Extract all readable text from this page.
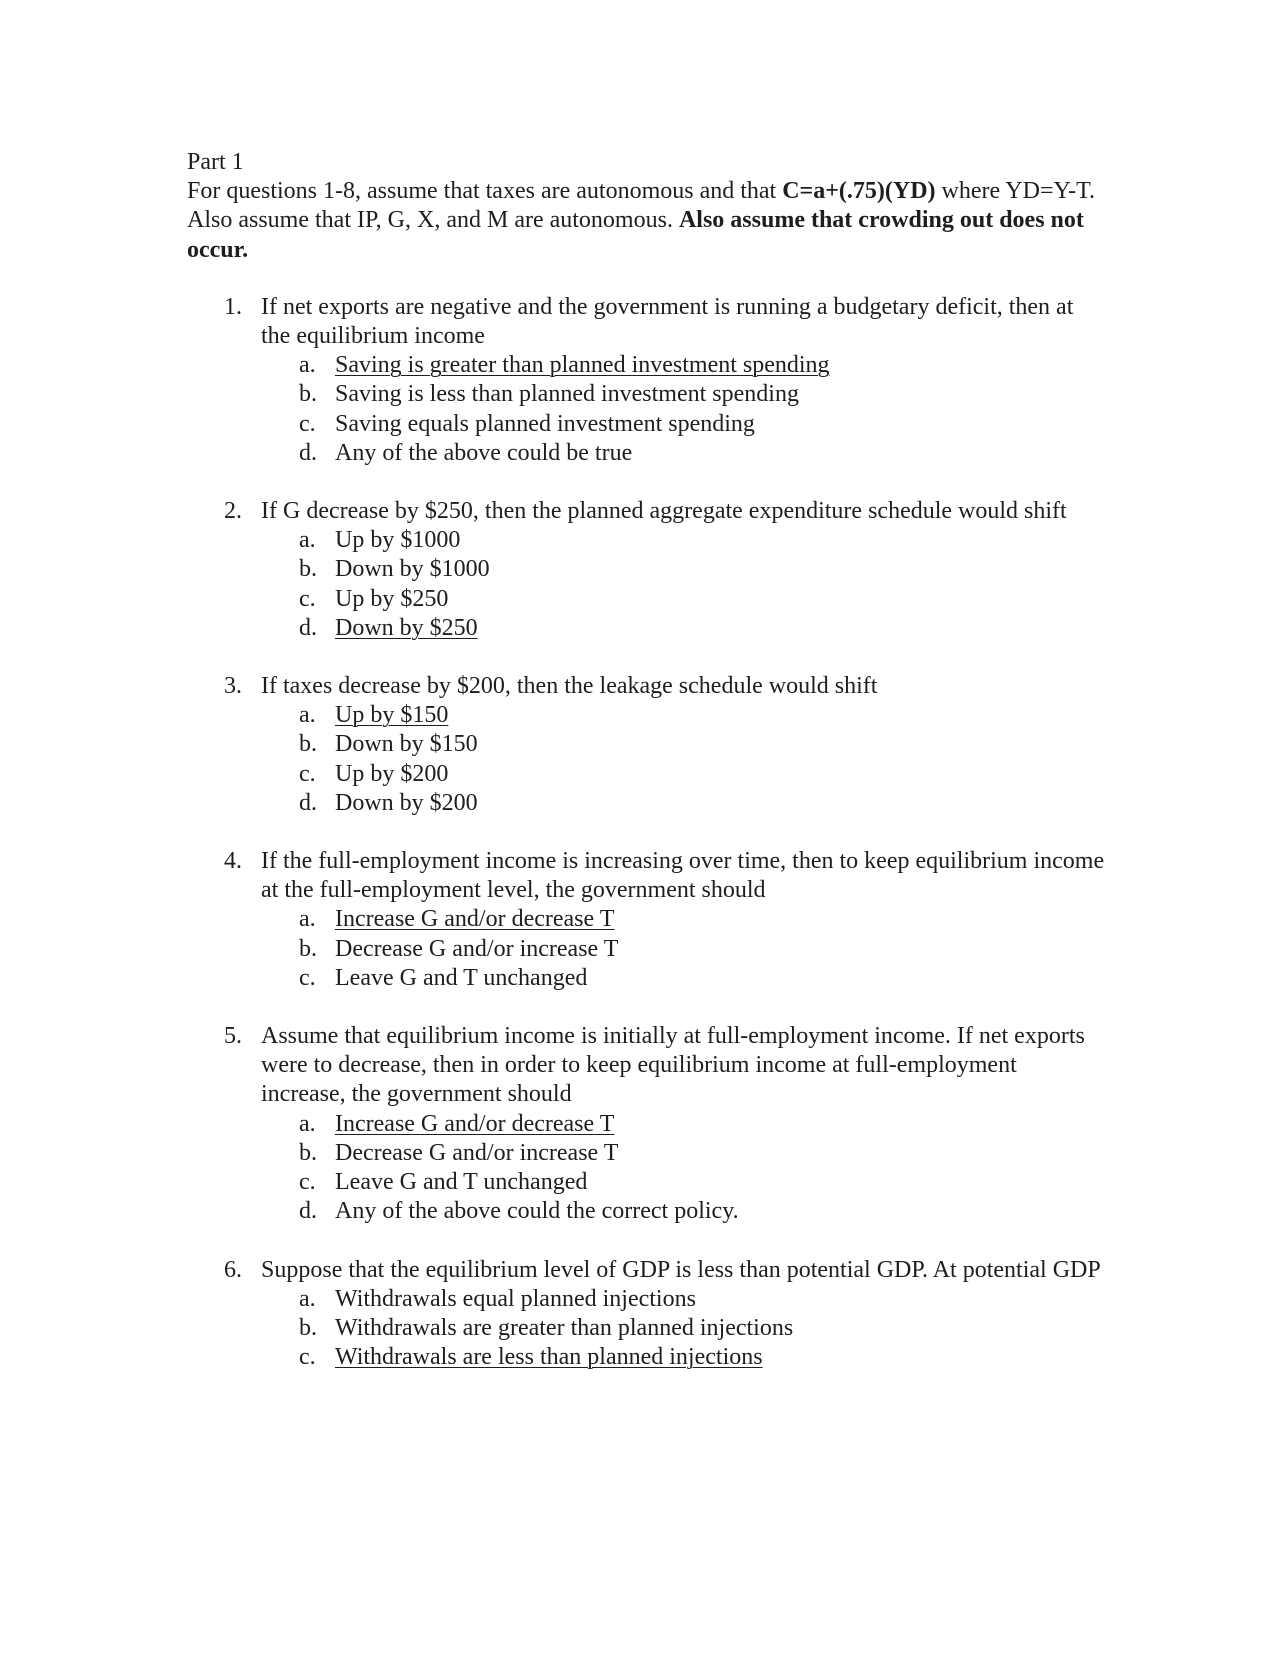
Part 1

For questions 1-8, assume that taxes are autonomous and that C=a+(.75)(YD) where YD=Y-T. Also assume that IP, G, X, and M are autonomous. Also assume that crowding out does not occur.

1. If net exports are negative and the government is running a budgetary deficit, then at the equilibrium income
a. Saving is greater than planned investment spending
b. Saving is less than planned investment spending
c. Saving equals planned investment spending
d. Any of the above could be true
2. If G decrease by $250, then the planned aggregate expenditure schedule would shift
a. Up by $1000
b. Down by $1000
c. Up by $250
d. Down by $250
3. If taxes decrease by $200, then the leakage schedule would shift
a. Up by $150
b. Down by $150
c. Up by $200
d. Down by $200
4. If the full-employment income is increasing over time, then to keep equilibrium income at the full-employment level, the government should
a. Increase G and/or decrease T
b. Decrease G and/or increase T
c. Leave G and T unchanged
5. Assume that equilibrium income is initially at full-employment income. If net exports were to decrease, then in order to keep equilibrium income at full-employment increase, the government should
a. Increase G and/or decrease T
b. Decrease G and/or increase T
c. Leave G and T unchanged
d. Any of the above could the correct policy.
6. Suppose that the equilibrium level of GDP is less than potential GDP. At potential GDP
a. Withdrawals equal planned injections
b. Withdrawals are greater than planned injections
c. Withdrawals are less than planned injections
